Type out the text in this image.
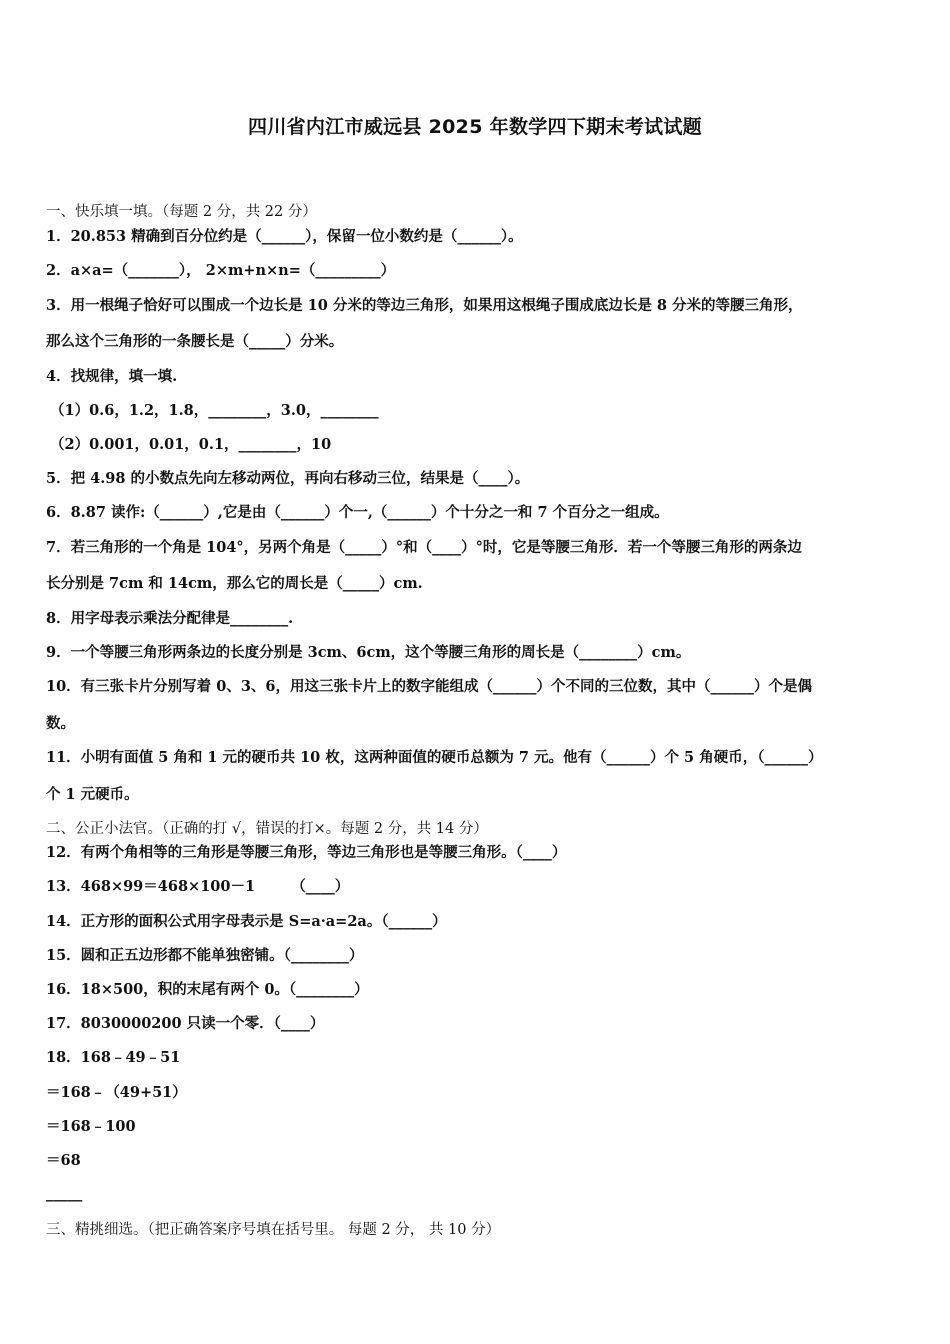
四川省内江市威远县 2025 年数学四下期末考试试题
一、快乐填一填。（每题 2 分，共 22 分）
1．20.853 精确到百分位约是（______），保留一位小数约是（______）。
2．a×a=（_______）， 2×m+n×n=（_________）
3．用一根绳子恰好可以围成一个边长是 10 分米的等边三角形，如果用这根绳子围成底边长是 8 分米的等腰三角形，
那么这个三角形的一条腰长是（_____）分米。
4．找规律，填一填.
（1）0.6，1.2，1.8，________，3.0，________
（2）0.001，0.01，0.1，________，10
5．把 4.98 的小数点先向左移动两位，再向右移动三位，结果是（____）。
6．8.87 读作:（______）,它是由（______）个一,（______）个十分之一和 7 个百分之一组成。
7．若三角形的一个角是 104°，另两个角是（_____）°和（____）°时，它是等腰三角形．若一个等腰三角形的两条边
长分别是 7cm 和 14cm，那么它的周长是（_____）cm.
8．用字母表示乘法分配律是________.
9．一个等腰三角形两条边的长度分别是 3cm、6cm，这个等腰三角形的周长是（________）cm。
10．有三张卡片分别写着 0、3、6，用这三张卡片上的数字能组成（______）个不同的三位数，其中（______）个是偶
数。
11．小明有面值 5 角和 1 元的硬币共 10 枚，这两种面值的硬币总额为 7 元。他有（______）个 5 角硬币，（______）
个 1 元硬币。
二、公正小法官。（正确的打 √，错误的打×。每题 2 分，共 14 分）
12．有两个角相等的三角形是等腰三角形，等边三角形也是等腰三角形。（____）
13．468×99＝468×100－1　　　（____）
14．正方形的面积公式用字母表示是 S=a·a=2a。（______）
15．圆和正五边形都不能单独密铺。（________）
16．18×500，积的末尾有两个 0。（________）
17．8030000200 只读一个零．（____）
18．168﹣49﹣51
＝168﹣（49+51）
＝168﹣100
＝68
_____
三、精挑细选。（把正确答案序号填在括号里。 每题 2 分， 共 10 分）
